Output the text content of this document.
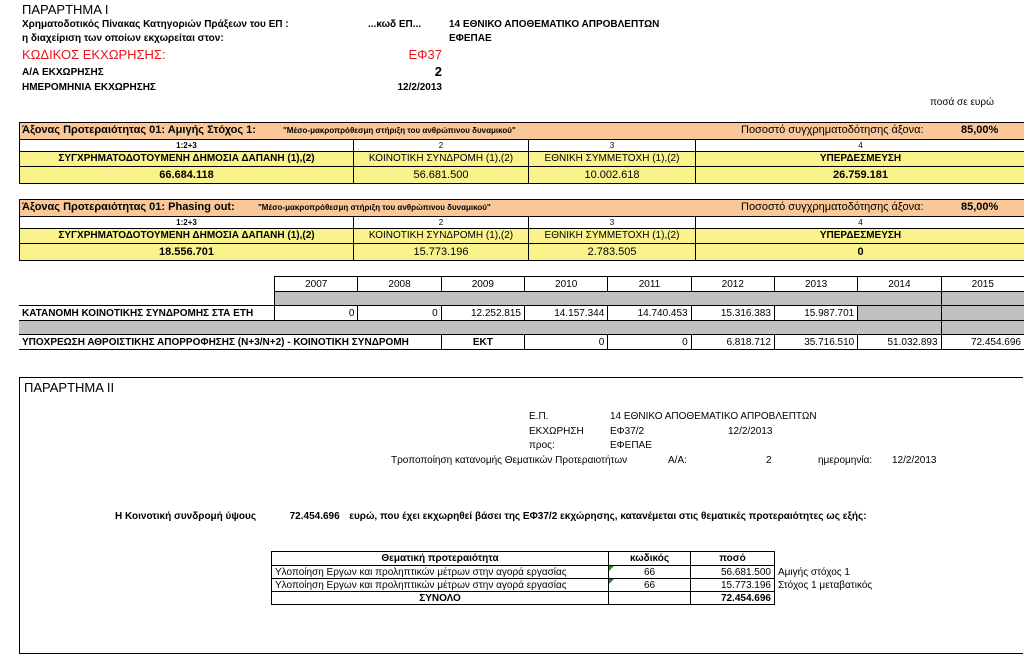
ΠΑΡΑΡΤΗΜΑ Ι
Χρηματοδοτικός Πίνακας Κατηγοριών Πράξεων του ΕΠ :	...κωδ ΕΠ...	14 ΕΘΝΙΚΟ ΑΠΟΘΕΜΑΤΙΚΟ ΑΠΡΟΒΛΕΠΤΩΝ
η διαχείριση των οποίων εκχωρείται στον:	ΕΦΕΠΑΕ
ΚΩΔΙΚΟΣ ΕΚΧΩΡΗΣΗΣ:	ΕΦ37
Α/Α ΕΚΧΩΡΗΣΗΣ	2
ΗΜΕΡΟΜΗΝΙΑ ΕΚΧΩΡΗΣΗΣ	12/2/2013
ποσά σε ευρώ
Άξονας Προτεραιότητας 01: Αμιγής Στόχος 1:	"Μέσο-μακροπρόθεσμη στήριξη του ανθρώπινου δυναμικού"	Ποσοστό συγχρηματοδότησης άξονα:	85,00%
1:2+3	2	3	4
ΣΥΓΧΡΗΜΑΤΟΔΟΤΟΥΜΕΝΗ ΔΗΜΟΣΙΑ ΔΑΠΑΝΗ (1),(2)	ΚΟΙΝΟΤΙΚΗ ΣΥΝΔΡΟΜΗ (1),(2)	ΕΘΝΙΚΗ ΣΥΜΜΕΤΟΧΗ (1),(2)	ΥΠΕΡΔΕΣΜΕΥΣΗ
66.684.118	56.681.500	10.002.618	26.759.181
Άξονας Προτεραιότητας 01: Phasing out:	"Μέσο-μακροπρόθεσμη στήριξη του ανθρώπινου δυναμικού"	Ποσοστό συγχρηματοδότησης άξονα:	85,00%
1:2+3	2	3	4
ΣΥΓΧΡΗΜΑΤΟΔΟΤΟΥΜΕΝΗ ΔΗΜΟΣΙΑ ΔΑΠΑΝΗ (1),(2)	ΚΟΙΝΟΤΙΚΗ ΣΥΝΔΡΟΜΗ (1),(2)	ΕΘΝΙΚΗ ΣΥΜΜΕΤΟΧΗ (1),(2)	ΥΠΕΡΔΕΣΜΕΥΣΗ
18.556.701	15.773.196	2.783.505	0
	2007	2008	2009	2010	2011	2012	2013	2014	2015

ΚΑΤΑΝΟΜΗ ΚΟΙΝΟΤΙΚΗΣ ΣΥΝΔΡΟΜΗΣ ΣΤΑ ΕΤΗ	0	0	12.252.815	14.157.344	14.740.453	15.316.383	15.987.701		

ΥΠΟΧΡΕΩΣΗ ΑΘΡΟΙΣΤΙΚΗΣ ΑΠΟΡΡΟΦΗΣΗΣ (Ν+3/Ν+2) - ΚΟΙΝΟΤΙΚΗ ΣΥΝΔΡΟΜΗ			ΕΚΤ	0	0	6.818.712	35.716.510	51.032.893	72.454.696
ΠΑΡΑΡΤΗΜΑ ΙΙ
Ε.Π.	14 ΕΘΝΙΚΟ ΑΠΟΘΕΜΑΤΙΚΟ ΑΠΡΟΒΛΕΠΤΩΝ
ΕΚΧΩΡΗΣΗ	ΕΦ37/2	12/2/2013
προς:	ΕΦΕΠΑΕ
Τροποποίηση κατανομής Θεματικών Προτεραιοτήτων	Α/Α:	2	ημερομηνία: 12/2/2013
Η Κοινοτική συνδρομή ύψους	72.454.696 ευρώ, που έχει εκχωρηθεί βάσει της ΕΦ37/2 εκχώρησης, κατανέμεται στις θεματικές προτεραιότητες ως εξής:
Θεματική προτεραιότητα	κωδικός	ποσό	
Υλοποίηση Εργων και προληπτικών μέτρων στην αγορά εργασίας	66	56.681.500	Αμιγής στόχος 1
Υλοποίηση Εργων και προληπτικών μέτρων στην αγορά εργασίας	66	15.773.196	Στόχος 1 μεταβατικός
ΣΥΝΟΛΟ		72.454.696	
